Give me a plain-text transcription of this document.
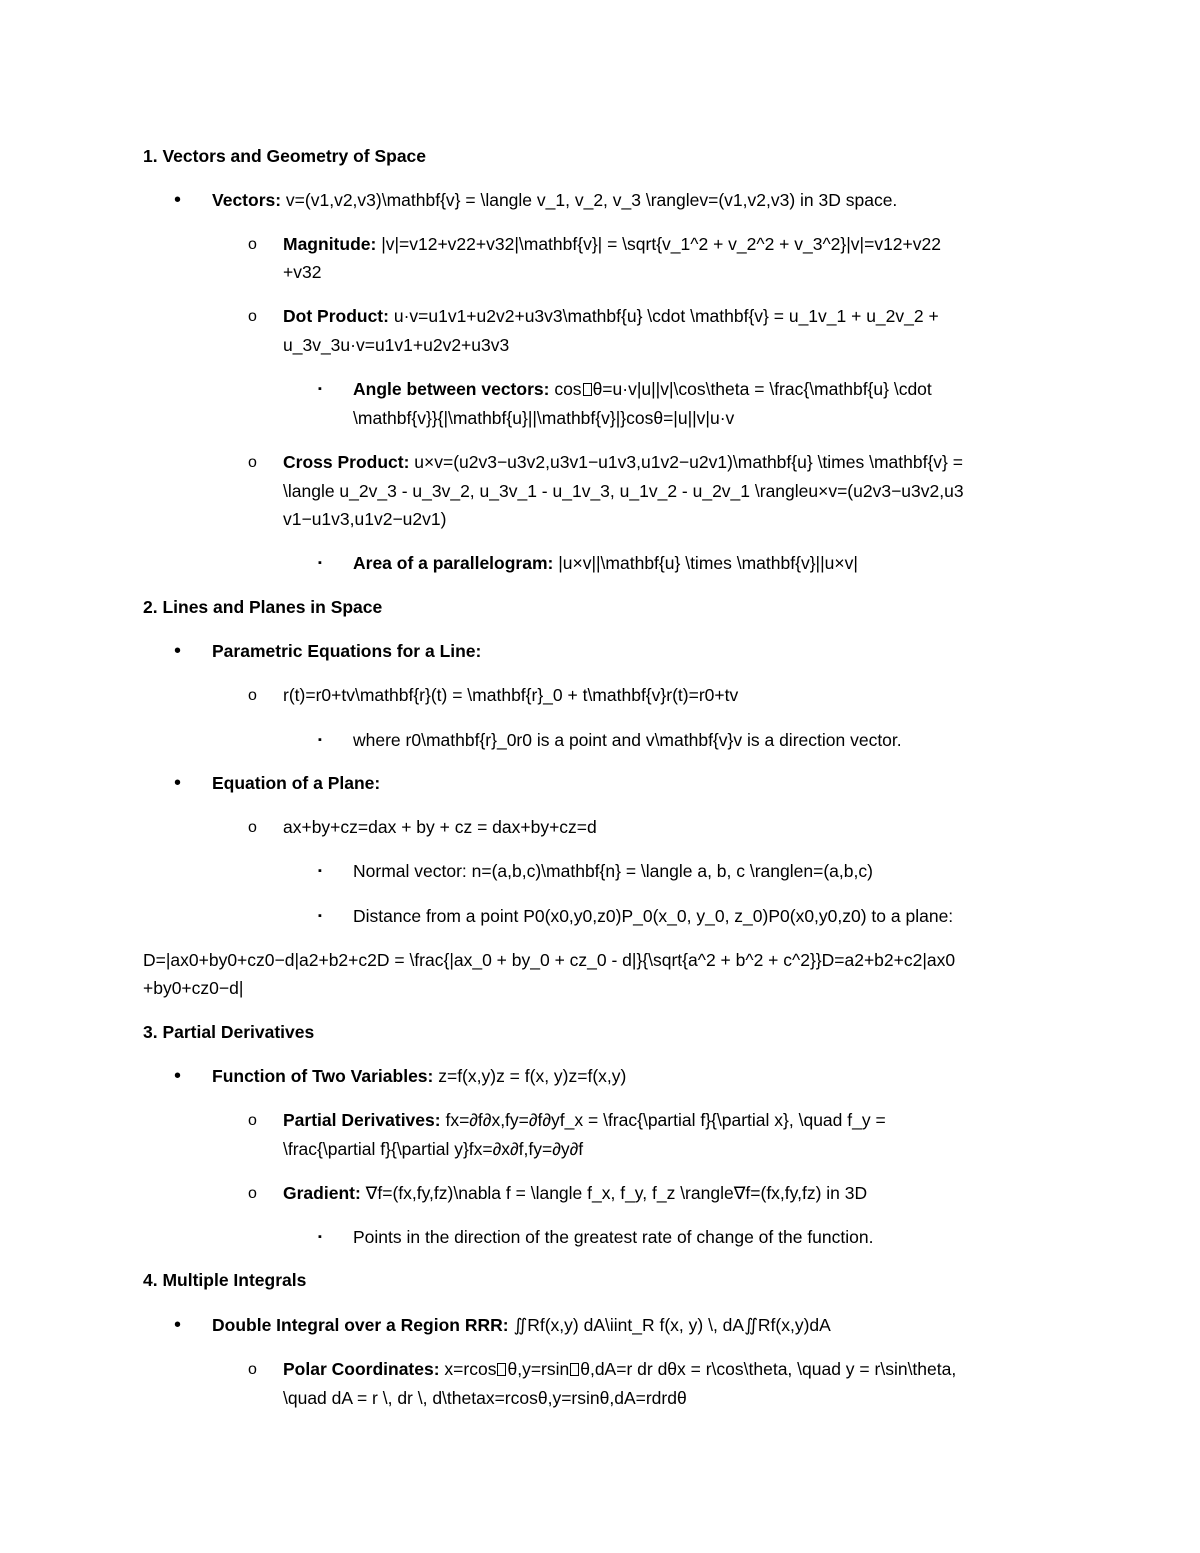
1. Vectors and Geometry of Space
• Vectors: v=(v1,v2,v3)\mathbf{v} = \langle v_1, v_2, v_3 \ranglev=(v1,v2,v3) in 3D space.
o Magnitude: |v|=v12+v22+v32|\mathbf{v}| = \sqrt{v_1^2 + v_2^2 + v_3^2}|v|=v12+v22
+v32
o Dot Product: u·v=u1v1+u2v2+u3v3\mathbf{u} \cdot \mathbf{v} = u_1v_1 + u_2v_2 +
u_3v_3u·v=u1v1+u2v2+u3v3
▪ Angle between vectors: cos θ=u·v|u||v|\cos\theta = \frac{\mathbf{u} \cdot
\mathbf{v}}{|\mathbf{u}||\mathbf{v}|}cosθ=|u||v|u·v
o Cross Product: u×v=(u2v3−u3v2,u3v1−u1v3,u1v2−u2v1)\mathbf{u} \times \mathbf{v} =
\langle u_2v_3 - u_3v_2, u_3v_1 - u_1v_3, u_1v_2 - u_2v_1 \rangleu×v=(u2v3−u3v2,u3
v1−u1v3,u1v2−u2v1)
▪ Area of a parallelogram: |u×v||\mathbf{u} \times \mathbf{v}||u×v|
2. Lines and Planes in Space
• Parametric Equations for a Line:
o r(t)=r0+tv\mathbf{r}(t) = \mathbf{r}_0 + t\mathbf{v}r(t)=r0+tv
▪ where r0\mathbf{r}_0r0 is a point and v\mathbf{v}v is a direction vector.
• Equation of a Plane:
o ax+by+cz=dax + by + cz = dax+by+cz=d
▪ Normal vector: n=(a,b,c)\mathbf{n} = \langle a, b, c \ranglen=(a,b,c)
▪ Distance from a point P0(x0,y0,z0)P_0(x_0, y_0, z_0)P0(x0,y0,z0) to a plane:
D=|ax0+by0+cz0−d|a2+b2+c2D = \frac{|ax_0 + by_0 + cz_0 - d|}{\sqrt{a^2 + b^2 + c^2}}D=a2+b2+c2|ax0
+by0+cz0−d|
3. Partial Derivatives
• Function of Two Variables: z=f(x,y)z = f(x, y)z=f(x,y)
o Partial Derivatives: fx=∂f∂x,fy=∂f∂yf_x = \frac{\partial f}{\partial x}, \quad f_y =
\frac{\partial f}{\partial y}fx=∂x∂f,fy=∂y∂f
o Gradient: ∇f=(fx,fy,fz)\nabla f = \langle f_x, f_y, f_z \rangle∇f=(fx,fy,fz) in 3D
▪ Points in the direction of the greatest rate of change of the function.
4. Multiple Integrals
• Double Integral over a Region RRR: ∬Rf(x,y) dA\iint_R f(x, y) \, dA∬Rf(x,y)dA
o Polar Coordinates: x=rcos θ,y=rsin θ,dA=r dr dθx = r\cos\theta, \quad y = r\sin\theta,
\quad dA = r \, dr \, d\thetax=rcosθ,y=rsinθ,dA=rdrdθ
